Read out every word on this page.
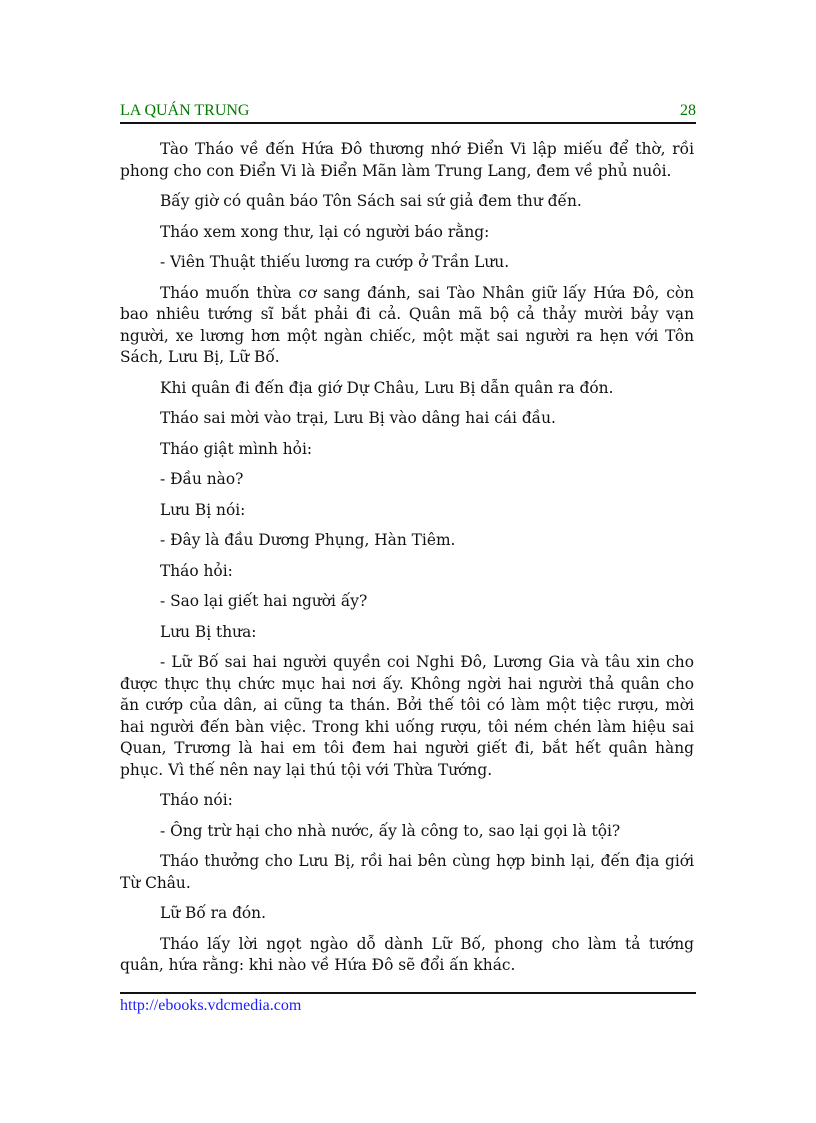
LA QUÁN TRUNG	28

Tào Tháo về đến Hứa Đô thương nhớ Điển Vi lập miếu để thờ, rồi phong cho con Điển Vi là Điển Mãn làm Trung Lang, đem về phủ nuôi.

Bấy giờ có quân báo Tôn Sách sai sứ giả đem thư đến.

Tháo xem xong thư, lại có người báo rằng:

- Viên Thuật thiếu lương ra cướp ở Trần Lưu.

Tháo muốn thừa cơ sang đánh, sai Tào Nhân giữ lấy Hứa Đô, còn bao nhiêu tướng sĩ bắt phải đi cả. Quân mã bộ cả thảy mười bảy vạn người, xe lương hơn một ngàn chiếc, một mặt sai người ra hẹn với Tôn Sách, Lưu Bị, Lữ Bố.

Khi quân đi đến địa giớ Dự Châu, Lưu Bị dẫn quân ra đón.

Tháo sai mời vào trại, Lưu Bị vào dâng hai cái đầu.

Tháo giật mình hỏi:

- Đầu nào?

Lưu Bị nói:

- Đây là đầu Dương Phụng, Hàn Tiêm.

Tháo hỏi:

- Sao lại giết hai người ấy?

Lưu Bị thưa:

- Lữ Bố sai hai người quyền coi Nghi Đô, Lương Gia và tâu xin cho được thực thụ chức mục hai nơi ấy. Không ngời hai người thả quân cho ăn cướp của dân, ai cũng ta thán. Bởi thế tôi có làm một tiệc rượu, mời hai người đến bàn việc. Trong khi uống rượu, tôi ném chén làm hiệu sai Quan, Trương là hai em tôi đem hai người giết đi, bắt hết quân hàng phục. Vì thế nên nay lại thú tội với Thừa Tướng.

Tháo nói:

- Ông trừ hại cho nhà nước, ấy là công to, sao lại gọi là tội?

Tháo thưởng cho Lưu Bị, rồi hai bên cùng hợp binh lại, đến địa giới Từ Châu.

Lữ Bố ra đón.

Tháo lấy lời ngọt ngào dỗ dành Lữ Bố, phong cho làm tả tướng quân, hứa rằng: khi nào về Hứa Đô sẽ đổi ấn khác.

http://ebooks.vdcmedia.com
